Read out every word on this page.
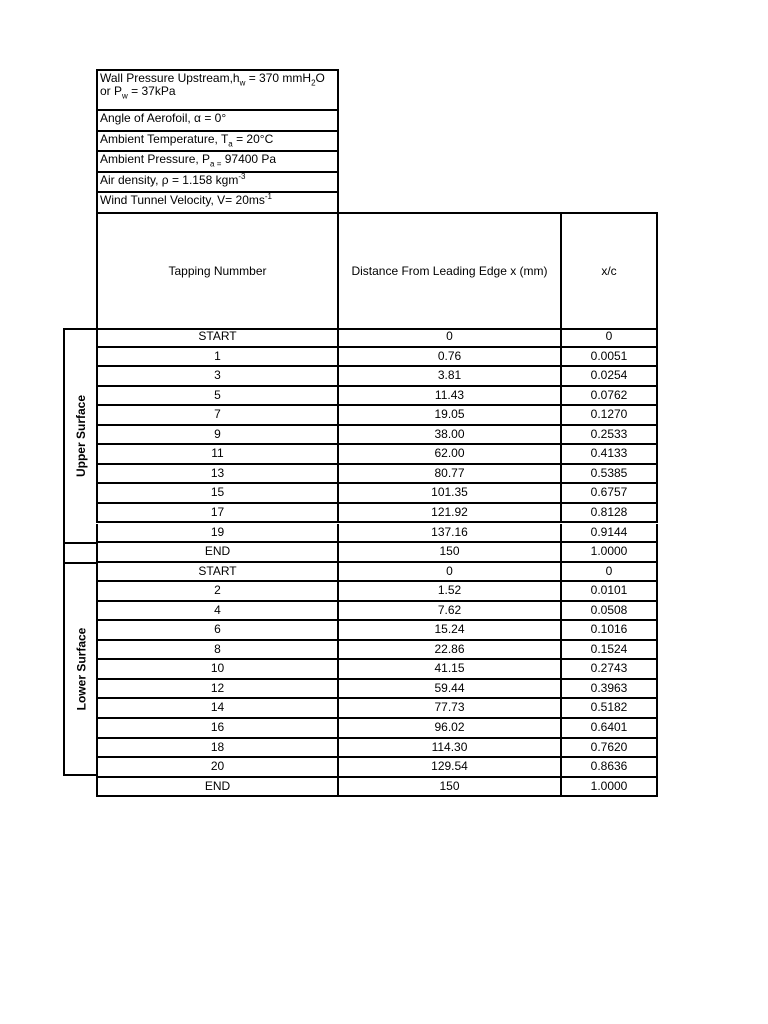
Wall Pressure $Upstream,h_w = 370$ mmH$_2$O
or $P_w = 37kPa$
Angle of Aerofoil, α = 0°
Ambient Temperature, $T_a = 20^\circ C$
Ambient Pressure, $P_{a =}$ 97400 Pa
Air density, ρ = 1.158 kgm$^{-3}$
Wind Tunnel Velocity, $V= 20ms^{-1}$
Tapping Nummber	Distance From Leading Edge x (mm)	x/c
Upper Surface
Lower Surface
START	0	0
1	0.76	0.0051
3	3.81	0.0254
5	11.43	0.0762
7	19.05	0.1270
9	38.00	0.2533
11	62.00	0.4133
13	80.77	0.5385
15	101.35	0.6757
17	121.92	0.8128
19	137.16	0.9144
END	150	1.0000
START	0	0
2	1.52	0.0101
4	7.62	0.0508
6	15.24	0.1016
8	22.86	0.1524
10	41.15	0.2743
12	59.44	0.3963
14	77.73	0.5182
16	96.02	0.6401
18	114.30	0.7620
20	129.54	0.8636
END	150	1.0000
